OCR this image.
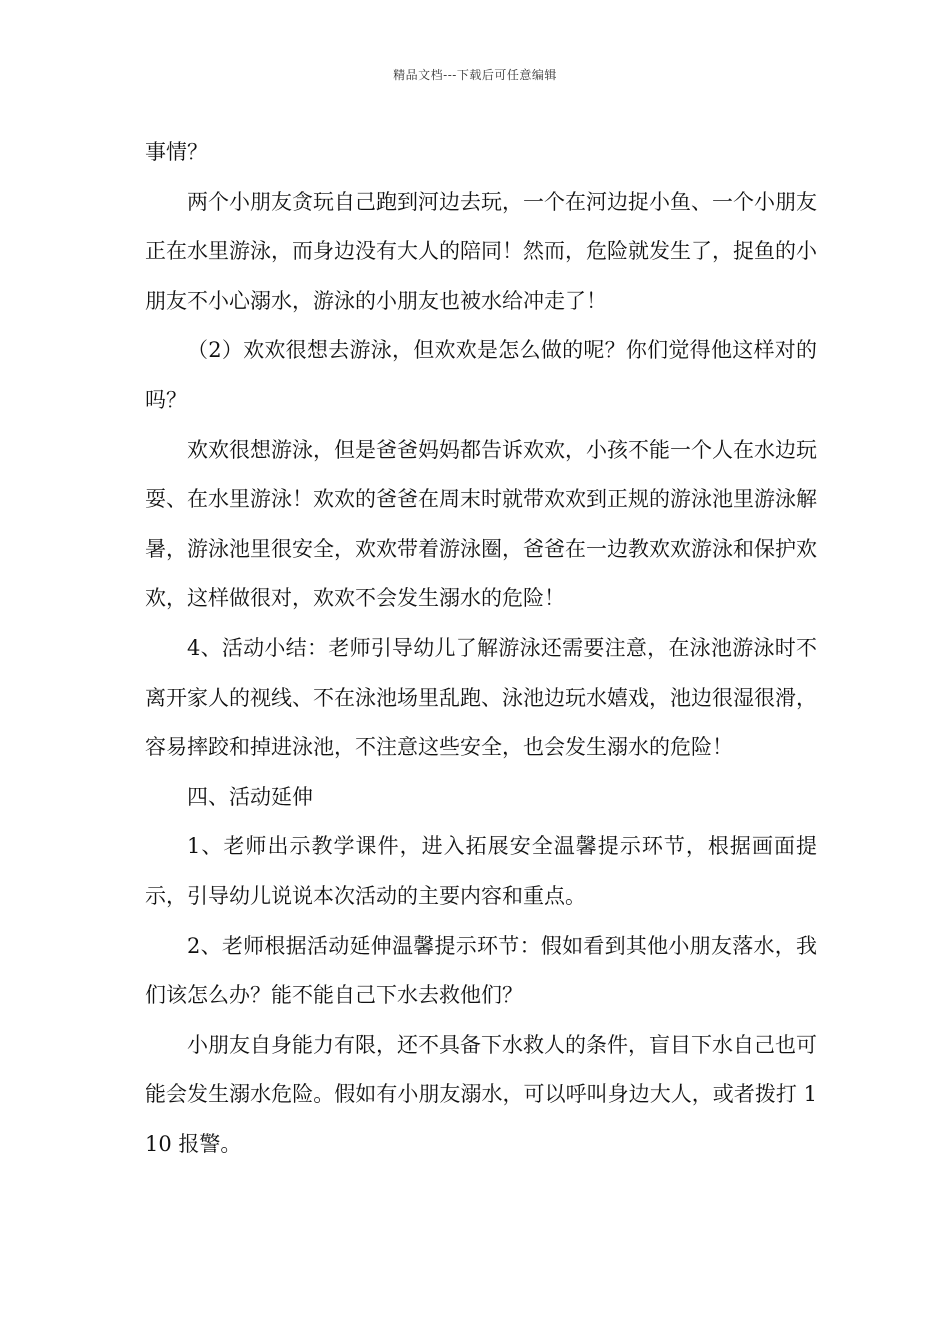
精品文档---下载后可任意编辑

事情？

两个小朋友贪玩自己跑到河边去玩，一个在河边捉小鱼、一个小朋友正在水里游泳，而身边没有大人的陪同！然而，危险就发生了，捉鱼的小朋友不小心溺水，游泳的小朋友也被水给冲走了！

（2）欢欢很想去游泳，但欢欢是怎么做的呢？你们觉得他这样对的吗？

欢欢很想游泳，但是爸爸妈妈都告诉欢欢，小孩不能一个人在水边玩耍、在水里游泳！欢欢的爸爸在周末时就带欢欢到正规的游泳池里游泳解暑，游泳池里很安全，欢欢带着游泳圈，爸爸在一边教欢欢游泳和保护欢欢，这样做很对，欢欢不会发生溺水的危险！

4、活动小结：老师引导幼儿了解游泳还需要注意，在泳池游泳时不离开家人的视线、不在泳池场里乱跑、泳池边玩水嬉戏，池边很湿很滑，容易摔跤和掉进泳池，不注意这些安全，也会发生溺水的危险！

四、活动延伸

1、老师出示教学课件，进入拓展安全温馨提示环节，根据画面提示，引导幼儿说说本次活动的主要内容和重点。

2、老师根据活动延伸温馨提示环节：假如看到其他小朋友落水，我们该怎么办？能不能自己下水去救他们？

小朋友自身能力有限，还不具备下水救人的条件，盲目下水自己也可能会发生溺水危险。假如有小朋友溺水，可以呼叫身边大人，或者拨打 110 报警。
